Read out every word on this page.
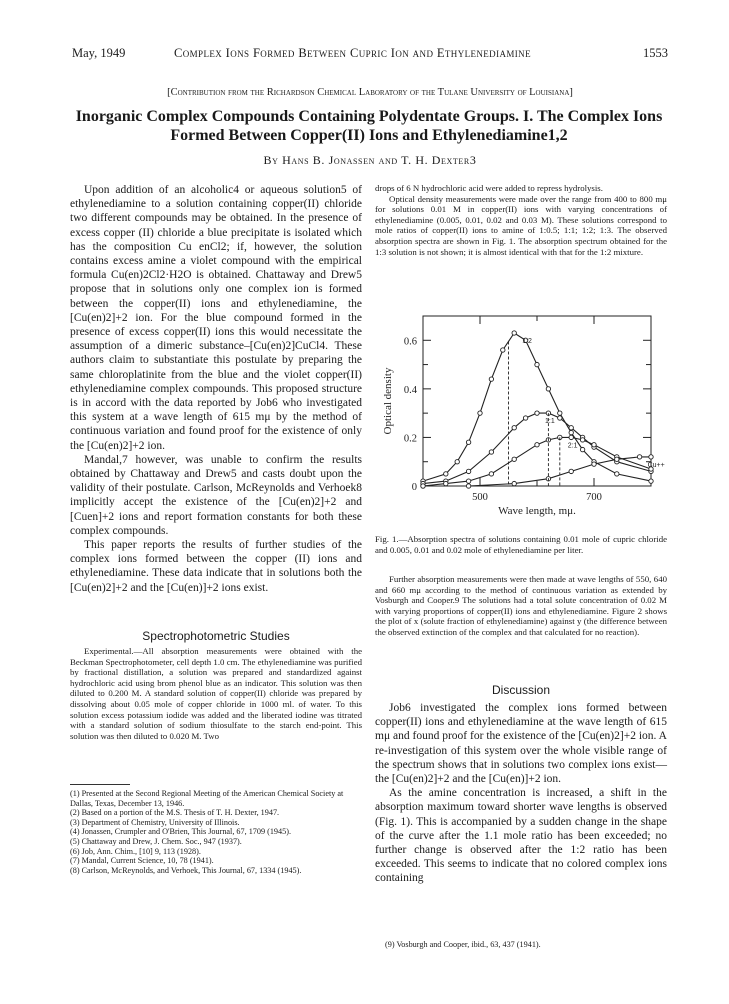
May, 1949	Complex Ions Formed Between Cupric Ion and Ethylenediamine	1553
[Contribution from the Richardson Chemical Laboratory of the Tulane University of Louisiana]
Inorganic Complex Compounds Containing Polydentate Groups. I. The Complex Ions Formed Between Copper(II) Ions and Ethylenediamine1,2
By Hans B. Jonassen and T. H. Dexter3

Upon addition of an alcoholic4 or aqueous solution5 of ethylenediamine to a solution containing copper(II) chloride two different compounds may be obtained. In the presence of excess copper (II) chloride a blue precipitate is isolated which has the composition Cu enCl2; if, however, the solution contains excess amine a violet compound with the empirical formula Cu(en)2Cl2·H2O is obtained. Chattaway and Drew5 propose that in solutions only one complex ion is formed between the copper(II) ions and ethylenediamine, the [Cu(en)2]+2 ion. For the blue compound formed in the presence of excess copper(II) ions this would necessitate the assumption of a dimeric substance–[Cu(en)2]CuCl4. These authors claim to substantiate this postulate by preparing the same chloroplatinite from the blue and the violet copper(II) ethylenediamine complex compounds. This proposed structure is in accord with the data reported by Job6 who investigated this system at a wave length of 615 mμ by the method of continuous variation and found proof for the existence of only the [Cu(en)2]+2 ion.

Mandal,7 however, was unable to confirm the results obtained by Chattaway and Drew5 and casts doubt upon the validity of their postulate. Carlson, McReynolds and Verhoek8 implicitly accept the existence of the [Cu(en)2]+2 and [Cuen]+2 ions and report formation constants for both these complex compounds.

This paper reports the results of further studies of the complex ions formed between the copper (II) ions and ethylenediamine. These data indicate that in solutions both the [Cu(en)2]+2 and the [Cu(en)]+2 ions exist.

Spectrophotometric Studies

Experimental.—All absorption measurements were obtained with the Beckman Spectrophotometer, cell depth 1.0 cm. The ethylenediamine was purified by fractional distillation, a solution was prepared and standardized against hydrochloric acid using brom phenol blue as an indicator. This solution was then diluted to 0.200 M. A standard solution of copper(II) chloride was prepared by dissolving about 0.05 mole of copper chloride in 1000 ml. of water. To this solution excess potassium iodide was added and the liberated iodine was titrated with a standard solution of sodium thiosulfate to the starch end-point. This solution was then diluted to 0.020 M. Two

(1) Presented at the Second Regional Meeting of the American Chemical Society at Dallas, Texas, December 13, 1946.

(2) Based on a portion of the M.S. Thesis of T. H. Dexter, 1947.

(3) Department of Chemistry, University of Illinois.

(4) Jonassen, Crumpler and O'Brien, This Journal, 67, 1709 (1945).

(5) Chattaway and Drew, J. Chem. Soc., 947 (1937).

(6) Job, Ann. Chim., [10] 9, 113 (1928).

(7) Mandal, Current Science, 10, 78 (1941).

(8) Carlson, McReynolds, and Verhoek, This Journal, 67, 1334 (1945).

drops of 6 N hydrochloric acid were added to repress hydrolysis.

Optical density measurements were made over the range from 400 to 800 mμ for solutions 0.01 M in copper(II) ions with varying concentrations of ethylenediamine (0.005, 0.01, 0.02 and 0.03 M). These solutions correspond to mole ratios of copper(II) ions to amine of 1:0.5; 1:1; 1:2; 1:3. The observed absorption spectra are shown in Fig. 1. The absorption spectrum obtained for the 1:3 solution is not shown; it is almost identical with that for the 1:2 mixture.

0
0.2
0.4
0.6
500	700
Wave length, mμ.
Optical density
1:2
1:1
2:1
Cu++
Fig. 1.—Absorption spectra of solutions containing 0.01 mole of cupric chloride and 0.005, 0.01 and 0.02 mole of ethylenediamine per liter.

Further absorption measurements were then made at wave lengths of 550, 640 and 660 mμ according to the method of continuous variation as extended by Vosburgh and Cooper.9 The solutions had a total solute concentration of 0.02 M with varying proportions of copper(II) ions and ethylenediamine. Figure 2 shows the plot of x (solute fraction of ethylenediamine) against y (the difference between the observed extinction of the complex and that calculated for no reaction).

Discussion

Job6 investigated the complex ions formed between copper(II) ions and ethylenediamine at the wave length of 615 mμ and found proof for the existence of the [Cu(en)2]+2 ion. A re-investigation of this system over the whole visible range of the spectrum shows that in solutions two complex ions exist—the [Cu(en)2]+2 and the [Cu(en)]+2 ion.

As the amine concentration is increased, a shift in the absorption maximum toward shorter wave lengths is observed (Fig. 1). This is accompanied by a sudden change in the shape of the curve after the 1.1 mole ratio has been exceeded; no further change is observed after the 1:2 ratio has been exceeded. This seems to indicate that no colored complex ions containing

(9) Vosburgh and Cooper, ibid., 63, 437 (1941).
